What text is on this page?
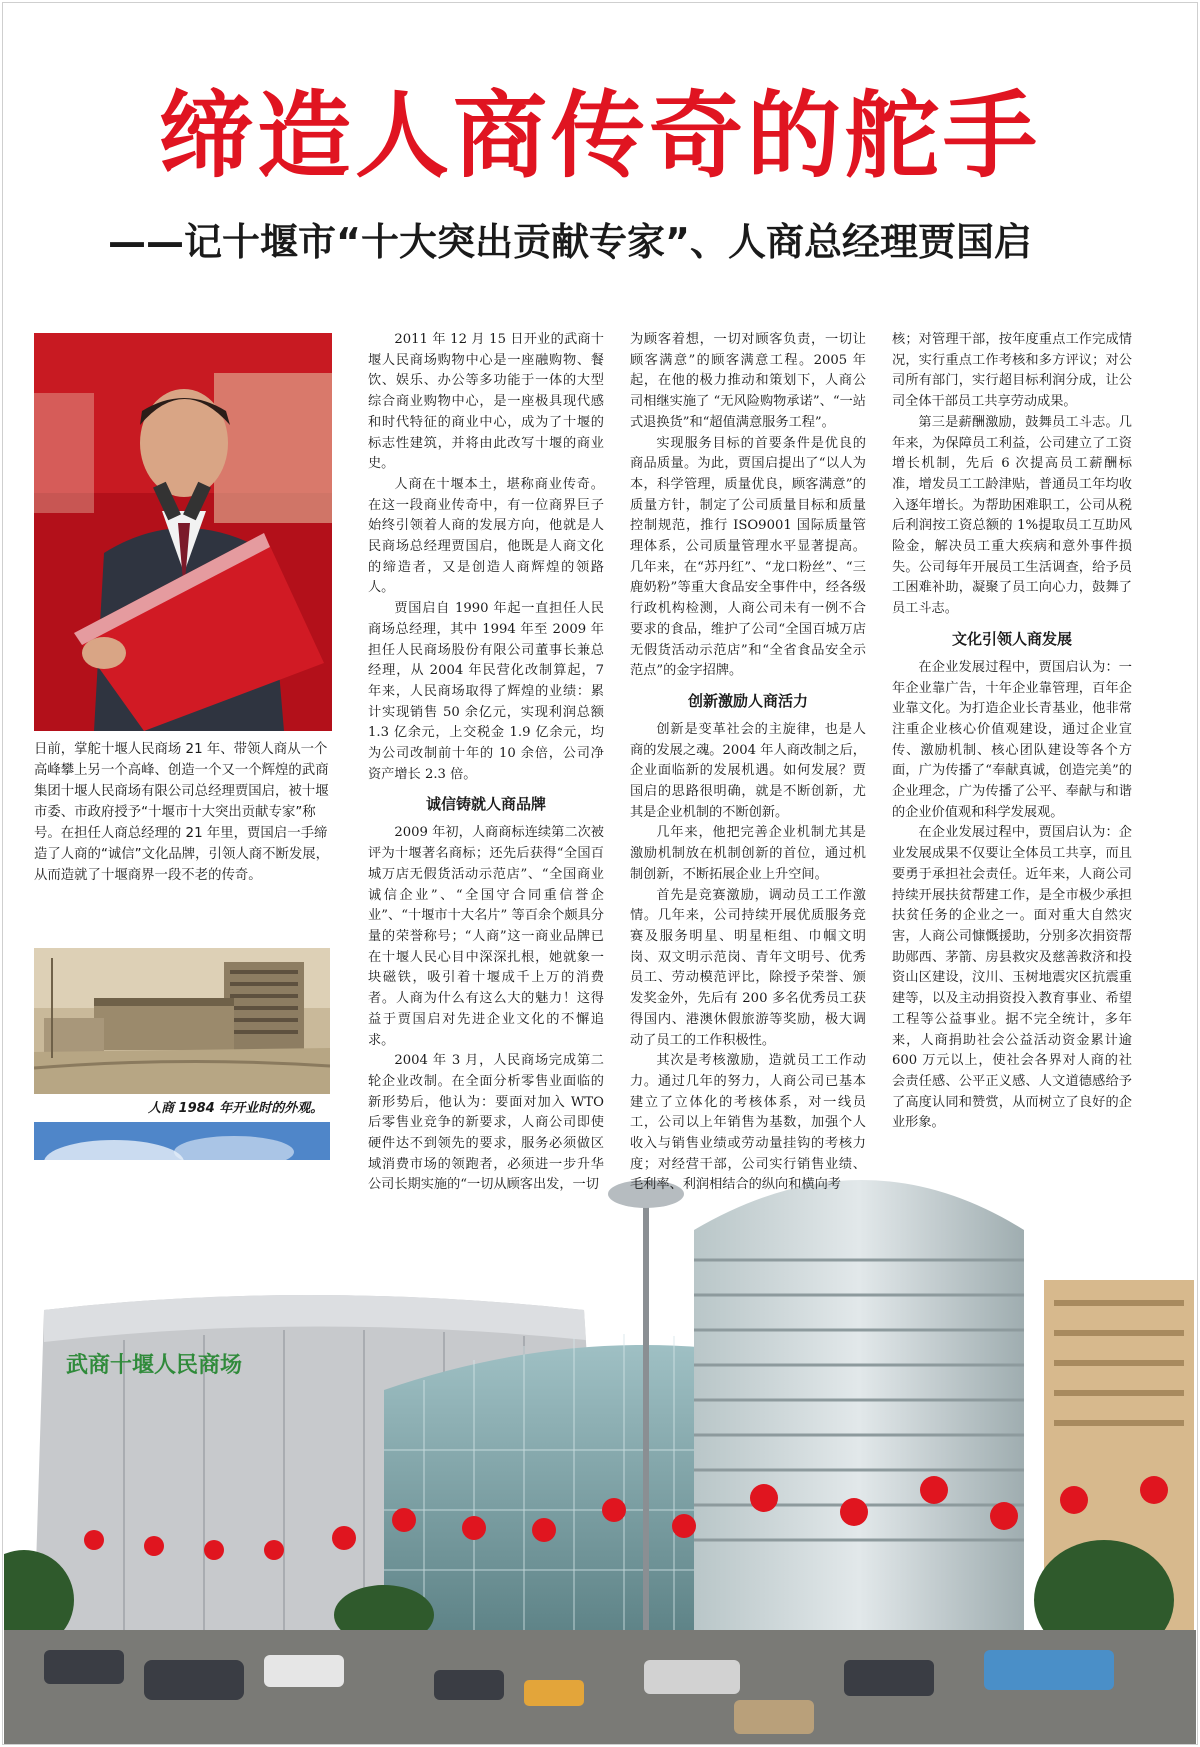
缔造人商传奇的舵手
——记十堰市“十大突出贡献专家”、人商总经理贾国启

日前，掌舵十堰人民商场 21 年、带领人商从一个高峰攀上另一个高峰、创造一个又一个辉煌的武商集团十堰人民商场有限公司总经理贾国启，被十堰市委、市政府授予“十堰市十大突出贡献专家”称号。在担任人商总经理的 21 年里，贾国启一手缔造了人商的“诚信”文化品牌，引领人商不断发展，从而造就了十堰商界一段不老的传奇。

人商 1984 年开业时的外观。

武商十堰人民商场

2011 年 12 月 15 日开业的武商十堰人民商场购物中心是一座融购物、餐饮、娱乐、办公等多功能于一体的大型综合商业购物中心，是一座极具现代感和时代特征的商业中心，成为了十堰的标志性建筑，并将由此改写十堰的商业史。

人商在十堰本土，堪称商业传奇。在这一段商业传奇中，有一位商界巨子始终引领着人商的发展方向，他就是人民商场总经理贾国启，他既是人商文化的缔造者，又是创造人商辉煌的领路人。

贾国启自 1990 年起一直担任人民商场总经理，其中 1994 年至 2009 年担任人民商场股份有限公司董事长兼总经理，从 2004 年民营化改制算起，7 年来，人民商场取得了辉煌的业绩：累计实现销售 50 余亿元，实现利润总额 1.3 亿余元，上交税金 1.9 亿余元，均为公司改制前十年的 10 余倍，公司净资产增长 2.3 倍。

诚信铸就人商品牌

2009 年初，人商商标连续第二次被评为十堰著名商标；还先后获得“全国百城万店无假货活动示范店”、“全国商业诚信企业”、“全国守合同重信誉企业”、“十堰市十大名片” 等百余个颇具分量的荣誉称号；“人商”这一商业品牌已在十堰人民心目中深深扎根，她就象一块磁铁，吸引着十堰成千上万的消费者。人商为什么有这么大的魅力！这得益于贾国启对先进企业文化的不懈追求。

2004 年 3 月，人民商场完成第二轮企业改制。在全面分析零售业面临的新形势后，他认为：要面对加入 WTO 后零售业竞争的新要求，人商公司即使硬件达不到领先的要求，服务必须做区域消费市场的领跑者，必须进一步升华公司长期实施的“一切从顾客出发，一切

为顾客着想，一切对顾客负责，一切让顾客满意”的顾客满意工程。2005 年起，在他的极力推动和策划下，人商公司相继实施了 “无风险购物承诺”、“一站式退换货”和“超值满意服务工程”。

实现服务目标的首要条件是优良的商品质量。为此，贾国启提出了“以人为本，科学管理，质量优良，顾客满意”的质量方针，制定了公司质量目标和质量控制规范，推行 ISO9001 国际质量管理体系，公司质量管理水平显著提高。几年来，在“苏丹红”、“龙口粉丝”、“三鹿奶粉”等重大食品安全事件中，经各级行政机构检测，人商公司未有一例不合要求的食品，维护了公司“全国百城万店无假货活动示范店”和“全省食品安全示范点”的金字招牌。

创新激励人商活力

创新是变革社会的主旋律，也是人商的发展之魂。2004 年人商改制之后，企业面临新的发展机遇。如何发展？贾国启的思路很明确，就是不断创新，尤其是企业机制的不断创新。

几年来，他把完善企业机制尤其是激励机制放在机制创新的首位，通过机制创新，不断拓展企业上升空间。

首先是竞赛激励，调动员工工作激情。几年来，公司持续开展优质服务竞赛及服务明星、明星柜组、巾帼文明岗、双文明示范岗、青年文明号、优秀员工、劳动模范评比，除授予荣誉、颁发奖金外，先后有 200 多名优秀员工获得国内、港澳休假旅游等奖励，极大调动了员工的工作积极性。

其次是考核激励，造就员工工作动力。通过几年的努力，人商公司已基本建立了立体化的考核体系，对一线员工，公司以上年销售为基数，加强个人收入与销售业绩或劳动量挂钩的考核力度；对经营干部，公司实行销售业绩、毛利率、利润相结合的纵向和横向考

核；对管理干部，按年度重点工作完成情况，实行重点工作考核和多方评议；对公司所有部门，实行超目标利润分成，让公司全体干部员工共享劳动成果。

第三是薪酬激励，鼓舞员工斗志。几年来，为保障员工利益，公司建立了工资增长机制，先后 6 次提高员工薪酬标准，增发员工工龄津贴，普通员工年均收入逐年增长。为帮助困难职工，公司从税后利润按工资总额的 1%提取员工互助风险金，解决员工重大疾病和意外事件损失。公司每年开展员工生活调查，给予员工困难补助，凝聚了员工向心力，鼓舞了员工斗志。

文化引领人商发展

在企业发展过程中，贾国启认为：一年企业靠广告，十年企业靠管理，百年企业靠文化。为打造企业长青基业，他非常注重企业核心价值观建设，通过企业宣传、激励机制、核心团队建设等各个方面，广为传播了“奉献真诚，创造完美”的企业理念，广为传播了公平、奉献与和谐的企业价值观和科学发展观。

在企业发展过程中，贾国启认为：企业发展成果不仅要让全体员工共享，而且要勇于承担社会责任。近年来，人商公司持续开展扶贫帮建工作，是全市极少承担扶贫任务的企业之一。面对重大自然灾害，人商公司慷慨援助，分别多次捐资帮助郧西、茅箭、房县救灾及慈善救济和投资山区建设，汶川、玉树地震灾区抗震重建等，以及主动捐资投入教育事业、希望工程等公益事业。据不完全统计，多年来，人商捐助社会公益活动资金累计逾 600 万元以上，使社会各界对人商的社会责任感、公平正义感、人文道德感给予了高度认同和赞赏，从而树立了良好的企业形象。
